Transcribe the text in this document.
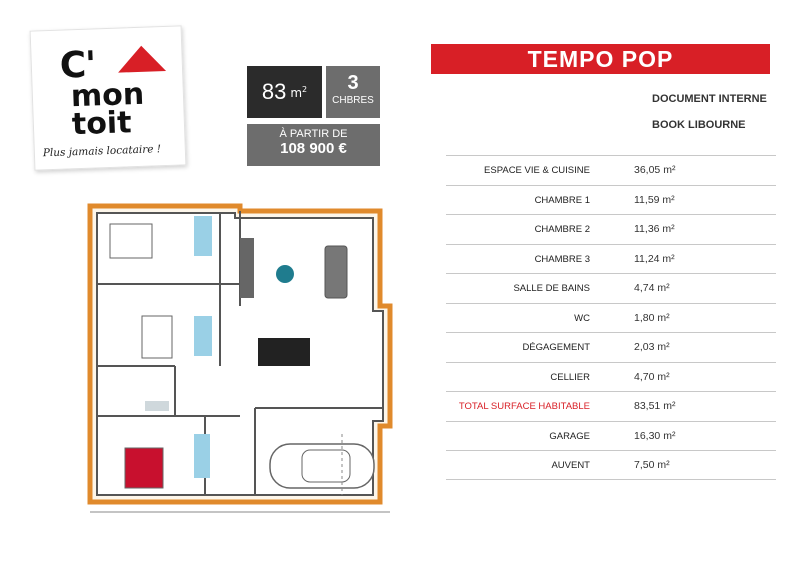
C'
mon
toit
Plus jamais locataire !
83 $m^2$	3
CHBRES
À PARTIR DE
108 900 €
TEMPO POP
DOCUMENT INTERNE
BOOK LIBOURNE
ESPACE VIE & CUISINE	36,05 m²
CHAMBRE 1	11,59 m²
CHAMBRE 2	11,36 m²
CHAMBRE 3	11,24 m²
SALLE DE BAINS	4,74 m²
WC	1,80 m²
DÉGAGEMENT	2,03 m²
CELLIER	4,70 m²
TOTAL SURFACE HABITABLE	83,51 m²
GARAGE	16,30 m²
AUVENT	7,50 m²
